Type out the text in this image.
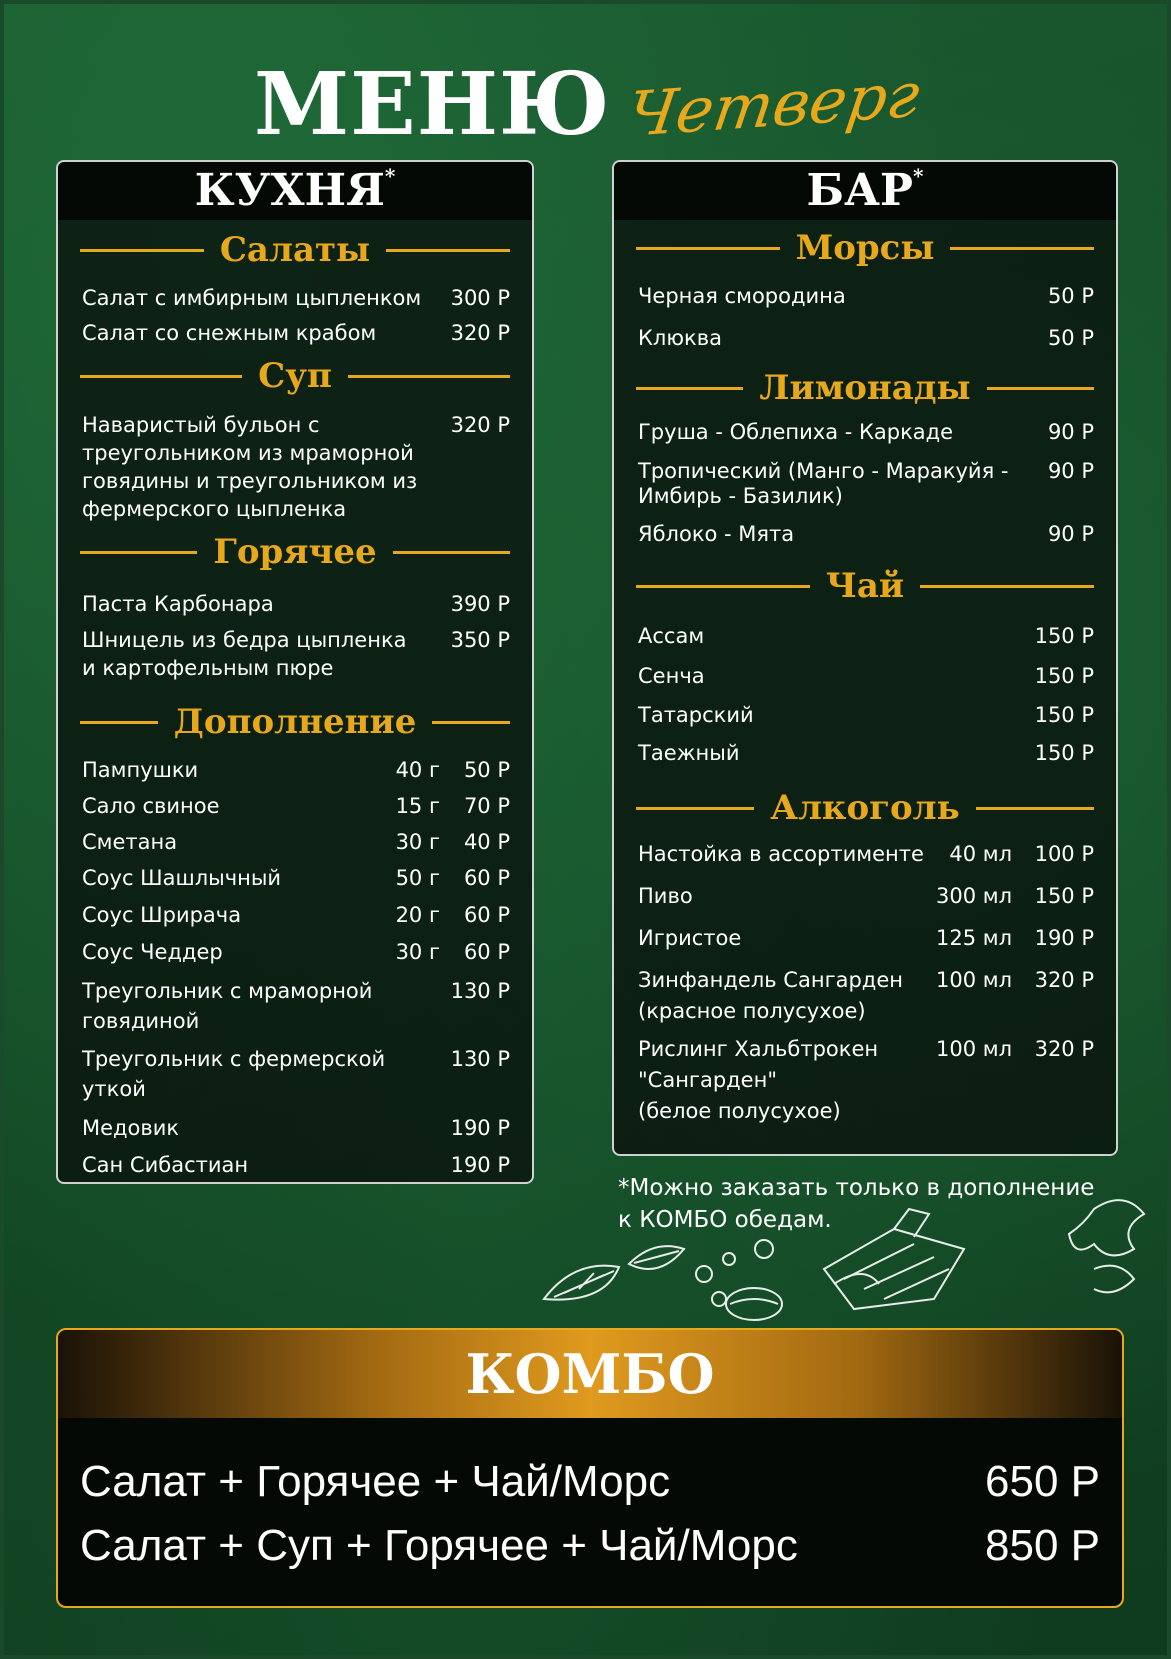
МЕНЮ Четверг
КУХНЯ*
Салаты
Салат с имбирным цыпленком 300 Р
Салат со снежным крабом	320 Р
Суп
Наваристый бульон с
треугольником из мраморной
говядины и треугольником из
фермерского цыпленка
320 Р
Горячее
Паста Карбонара	390 Р
Шницель из бедра цыпленка
и картофельным пюре
350 Р
Дополнение
Пампушки	40 г 50 Р
Сало свиное	15 г 70 Р
Сметана	30 г 40 Р
Соус Шашлычный	50 г 60 Р
Соус Шрирача	20 г 60 Р
Соус Чеддер	30 г 60 Р
Треугольник с мраморной
говядиной
130 Р
Треугольник с фермерской
уткой
130 Р
Медовик	190 Р
Сан Сибастиан	190 Р
БАР*
Морсы
Черная смородина	50 Р
Клюква	50 Р
Лимонады
Груша - Облепиха - Каркаде	90 Р
Тропический (Манго - Маракуйя -
Имбирь - Базилик)
90 Р
Яблоко - Мята	90 Р
Чай
Ассам	150 Р
Сенча	150 Р
Татарский	150 Р
Таежный	150 Р
Алкоголь
Настойка в ассортименте 40 мл 100 Р
Пиво	300 мл 150 Р
Игристое	125 мл 190 Р
Зинфандель Сангарден
(красное полусухое)
100 мл 320 Р
Рислинг Хальбтрокен
"Сангарден"
(белое полусухое)
100 мл 320 Р
*Можно заказать только в дополнение
к КОМБО обедам.
КОМБО
Салат + Горячее + Чай/Морс	650 Р
Салат + Суп + Горячее + Чай/Морс	850 Р
